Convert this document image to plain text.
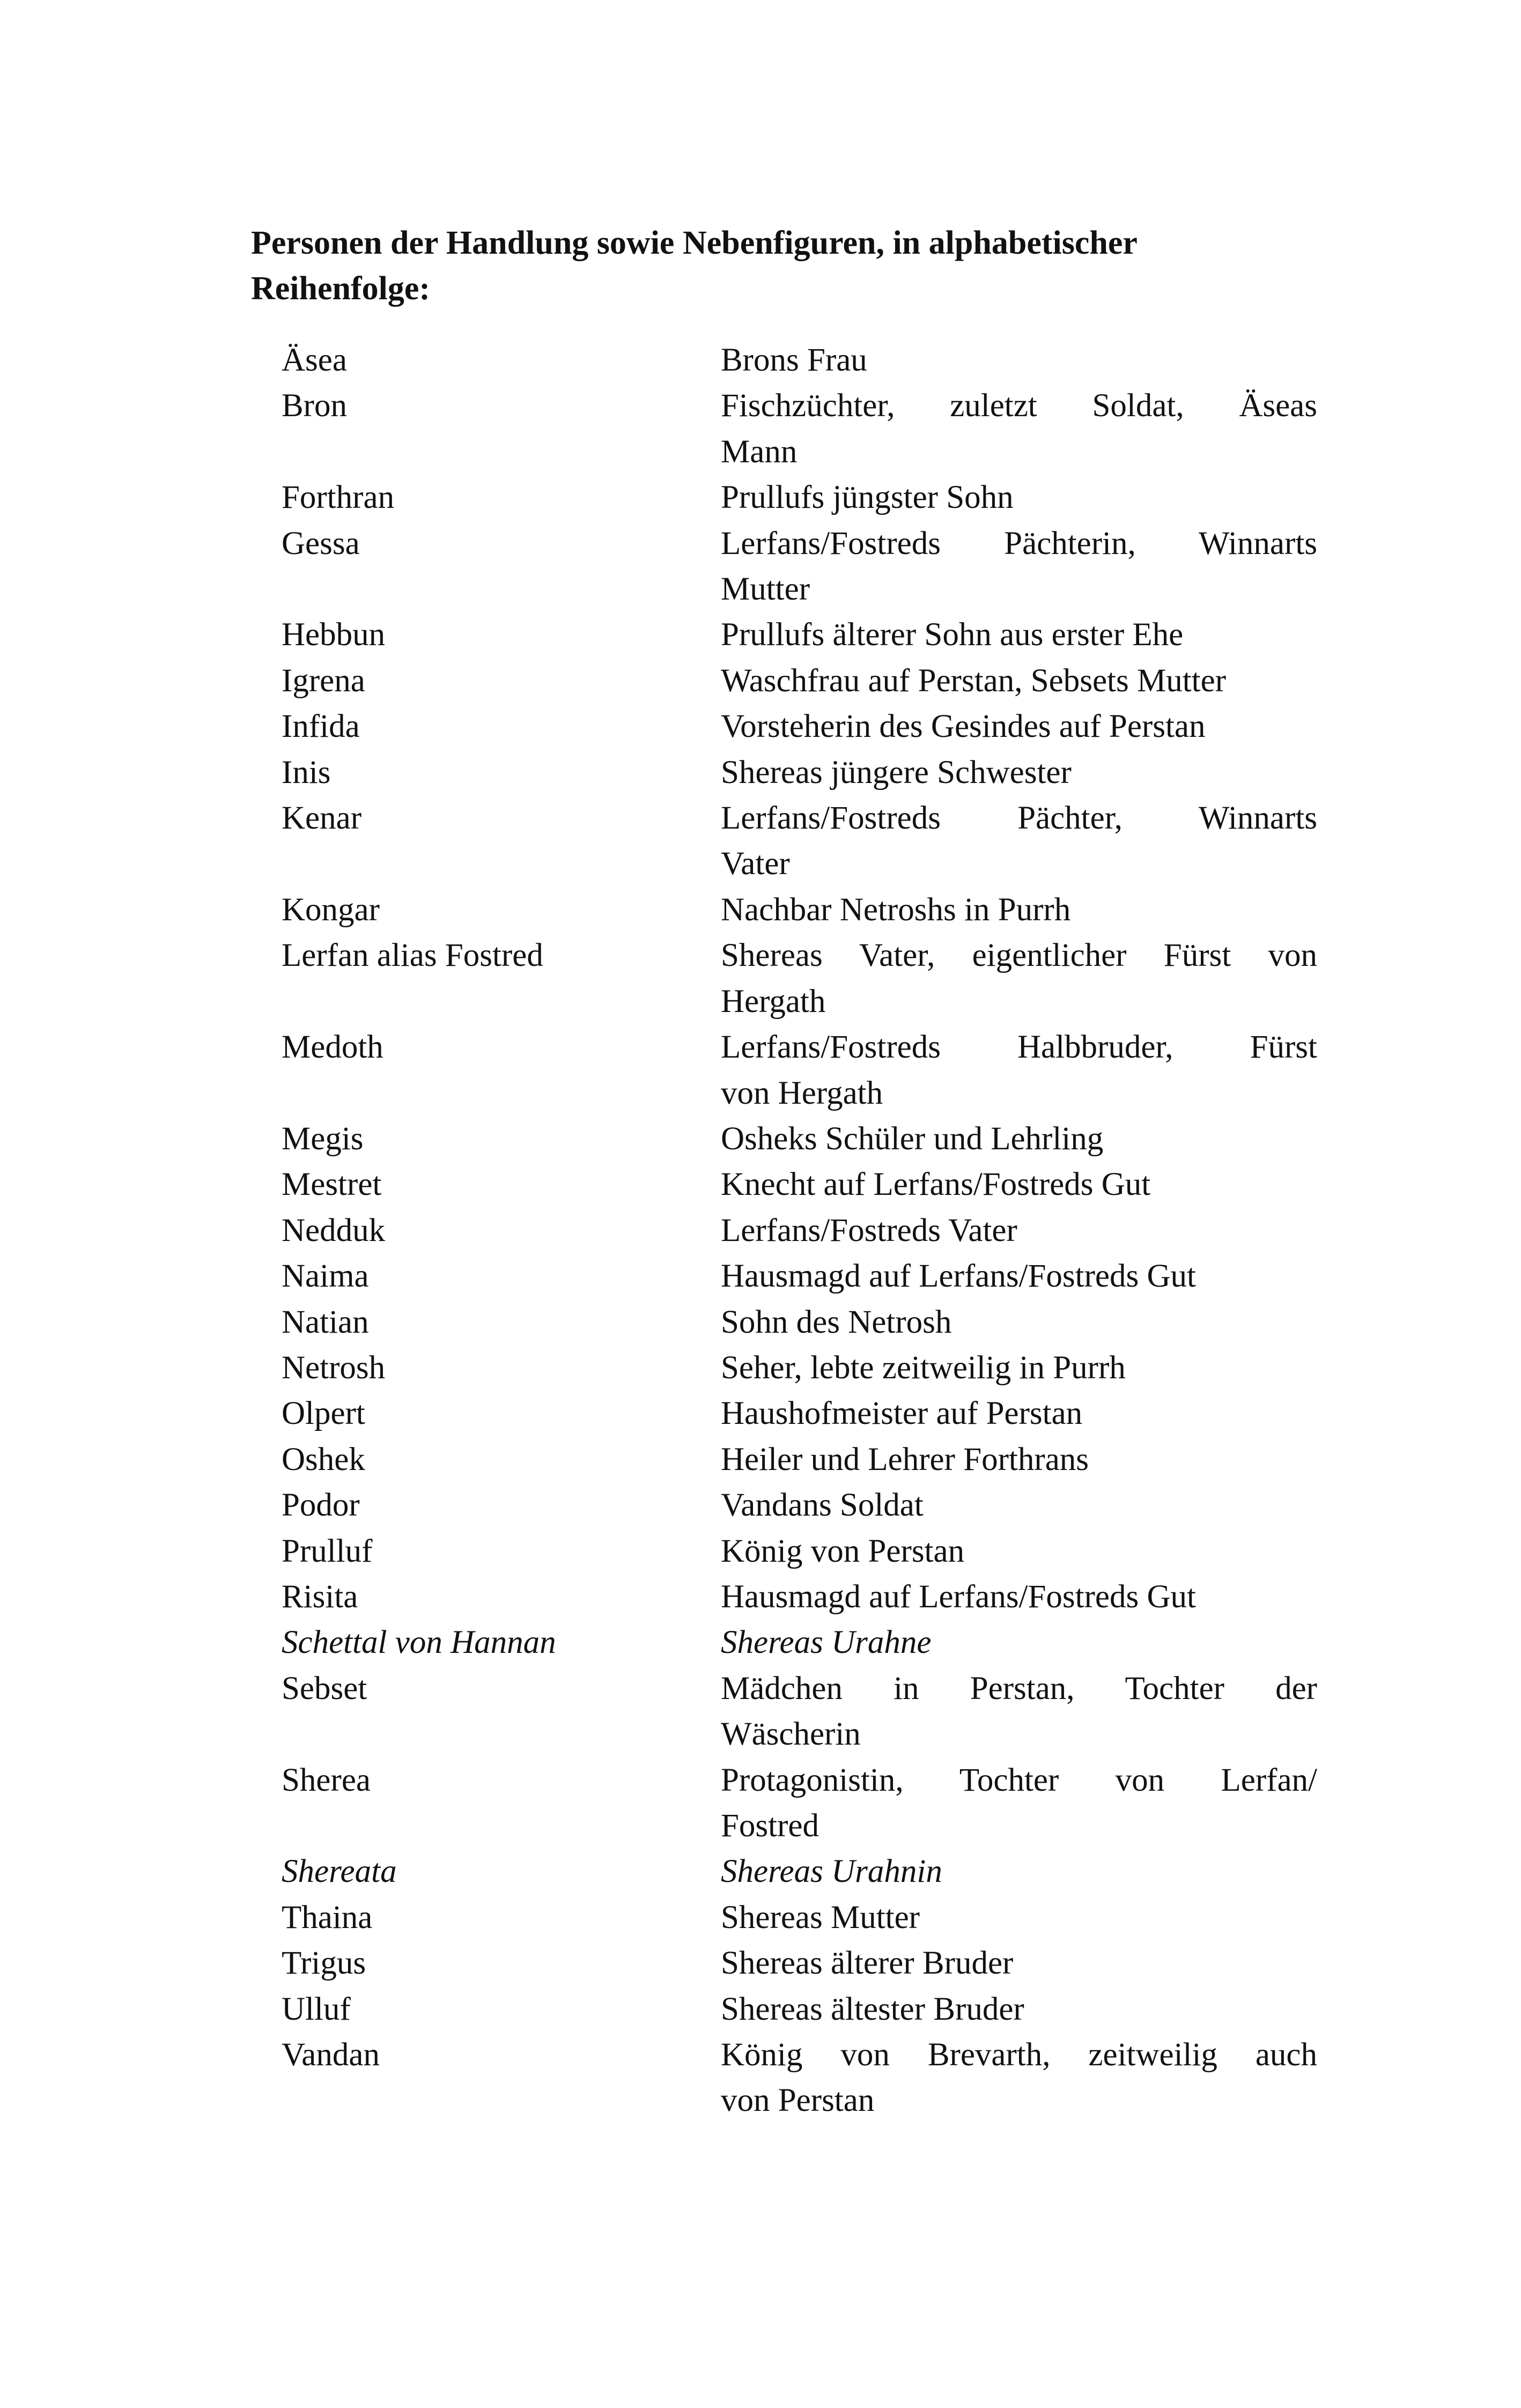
Personen der Handlung sowie Nebenfiguren, in alphabetischer
Reihenfolge:
Äsea	Brons Frau
Bron	Fischzüchter, zuletzt Soldat, Äseas
Mann
Forthran	Prullufs jüngster Sohn
Gessa	Lerfans/Fostreds Pächterin, Winnarts
Mutter
Hebbun	Prullufs älterer Sohn aus erster Ehe
Igrena	Waschfrau auf Perstan, Sebsets Mutter
Infida	Vorsteherin des Gesindes auf Perstan
Inis	Shereas jüngere Schwester
Kenar	Lerfans/Fostreds Pächter, Winnarts
Vater
Kongar	Nachbar Netroshs in Purrh
Lerfan alias Fostred	Shereas Vater, eigentlicher Fürst von
Hergath
Medoth	Lerfans/Fostreds Halbbruder, Fürst
von Hergath
Megis	Osheks Schüler und Lehrling
Mestret	Knecht auf Lerfans/Fostreds Gut
Nedduk	Lerfans/Fostreds Vater
Naima	Hausmagd auf Lerfans/Fostreds Gut
Natian	Sohn des Netrosh
Netrosh	Seher, lebte zeitweilig in Purrh
Olpert	Haushofmeister auf Perstan
Oshek	Heiler und Lehrer Forthrans
Podor	Vandans Soldat
Prulluf	König von Perstan
Risita	Hausmagd auf Lerfans/Fostreds Gut
Schettal von Hannan	Shereas Urahne
Sebset	Mädchen in Perstan, Tochter der
Wäscherin
Sherea	Protagonistin, Tochter von Lerfan/
Fostred
Shereata	Shereas Urahnin
Thaina	Shereas Mutter
Trigus	Shereas älterer Bruder
Ulluf	Shereas ältester Bruder
Vandan	König von Brevarth, zeitweilig auch
von Perstan
